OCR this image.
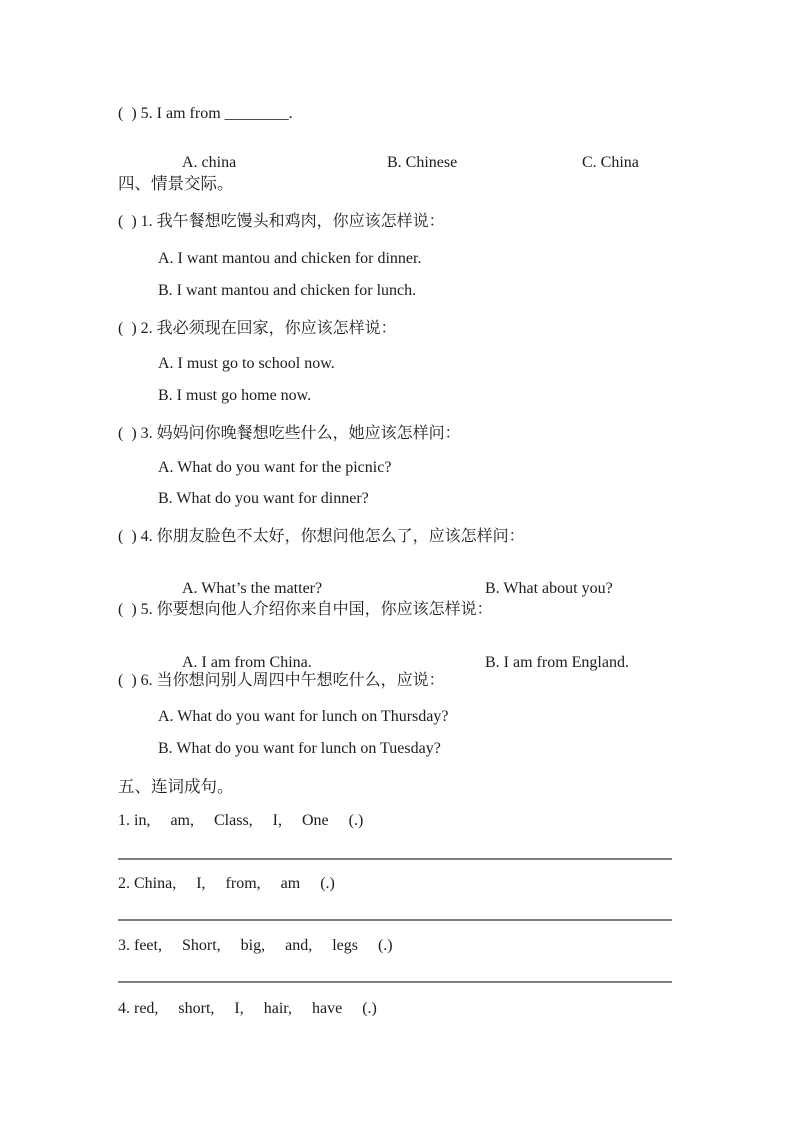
(  ) 5. I am from ________.

A. china	B. Chinese	C. China

四、情景交际。
(  ) 1. 我午餐想吃馒头和鸡肉，你应该怎样说：
A. I want mantou and chicken for dinner.
B. I want mantou and chicken for lunch.
(  ) 2. 我必须现在回家，你应该怎样说：
A. I must go to school now.
B. I must go home now.
(  ) 3. 妈妈问你晚餐想吃些什么，她应该怎样问：
A. What do you want for the picnic?
B. What do you want for dinner?
(  ) 4. 你朋友脸色不太好，你想问他怎么了，应该怎样问：

A. What’s the matter?	B. What about you?

(  ) 5. 你要想向他人介绍你来自中国，你应该怎样说：

A. I am from China.	B. I am from England.

(  ) 6. 当你想问别人周四中午想吃什么，应说：
A. What do you want for lunch on Thursday?
B. What do you want for lunch on Tuesday?
五、连词成句。
1. in,     am,     Class,     I,     One     (.)
2. China,     I,     from,     am     (.)
3. feet,     Short,     big,     and,     legs     (.)
4. red,     short,     I,     hair,     have     (.)
